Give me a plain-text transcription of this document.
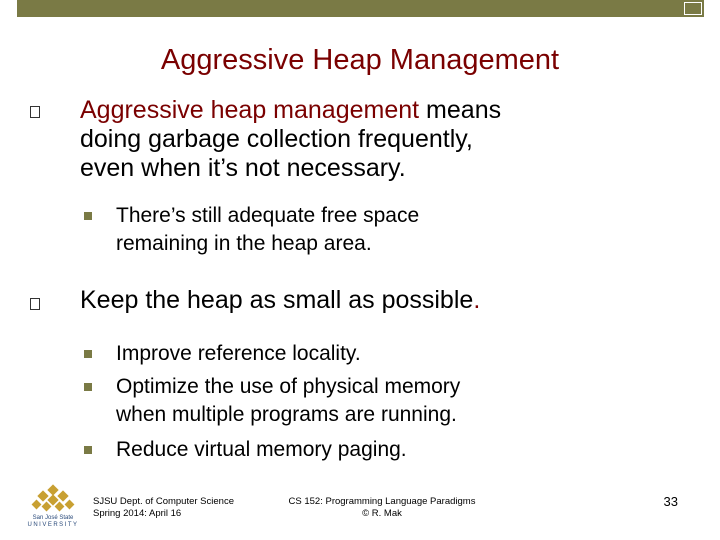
Aggressive Heap Management
Aggressive heap management means
doing garbage collection frequently,
even when it’s not necessary.
There’s still adequate free space
remaining in the heap area.
Keep the heap as small as possible.
Improve reference locality.
Optimize the use of physical memory
when multiple programs are running.
Reduce virtual memory paging.
San José State
UNIVERSITY
SJSU Dept. of Computer Science
Spring 2014: April 16
CS 152: Programming Language Paradigms
© R. Mak
33
